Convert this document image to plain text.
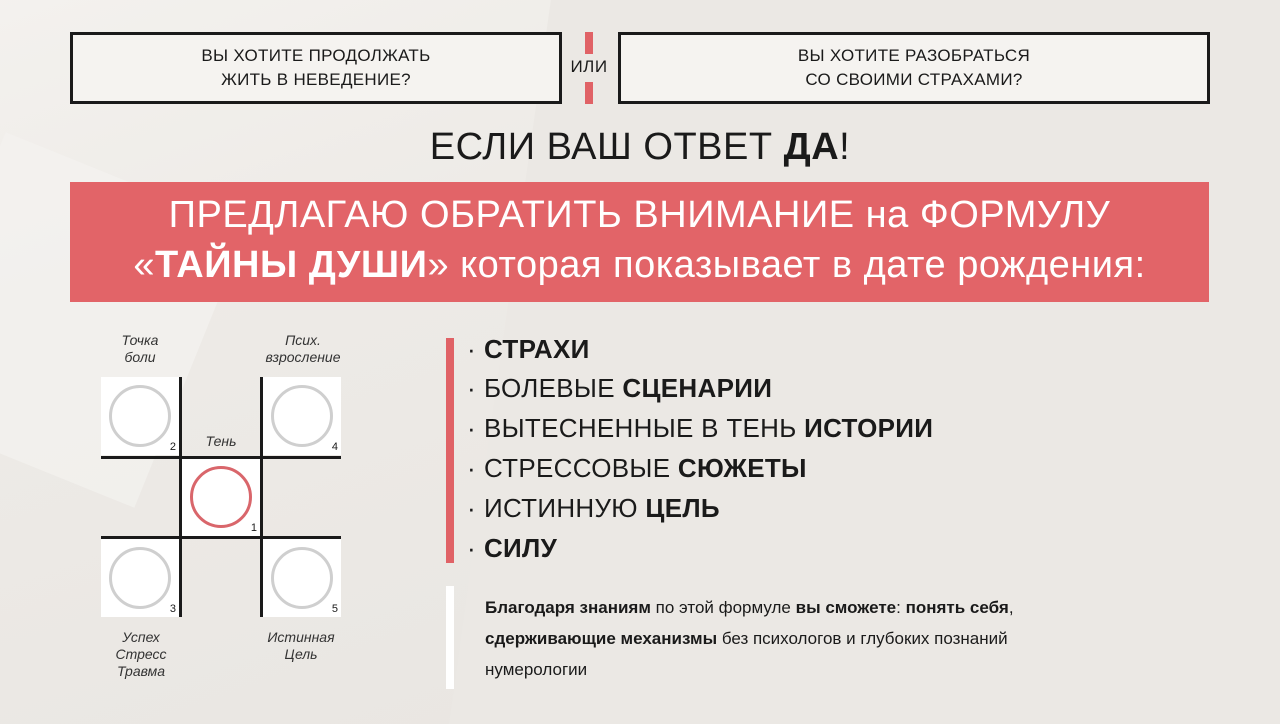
ВЫ ХОТИТЕ ПРОДОЛЖАТЬ
ЖИТЬ В НЕВЕДЕНИЕ?
ИЛИ
ВЫ ХОТИТЕ РАЗОБРАТЬСЯ
СО СВОИМИ СТРАХАМИ?
ЕСЛИ ВАШ ОТВЕТ ДА!
ПРЕДЛАГАЮ ОБРАТИТЬ ВНИМАНИЕ на ФОРМУЛУ
«ТАЙНЫ ДУШИ» которая показывает в дате рождения:
Точка
боли
Псих.
взросление
Тень
2	4
1
3	5
Успех
Стресс
Травма
Истинная
Цель
· СТРАХИ
· БОЛЕВЫЕ СЦЕНАРИИ
· ВЫТЕСНЕННЫЕ В ТЕНЬ ИСТОРИИ
· СТРЕССОВЫЕ СЮЖЕТЫ
· ИСТИННУЮ ЦЕЛЬ
· СИЛУ
Благодаря знаниям по этой формуле вы сможете: понять себя,
сдерживающие механизмы без психологов и глубоких познаний
нумерологии
